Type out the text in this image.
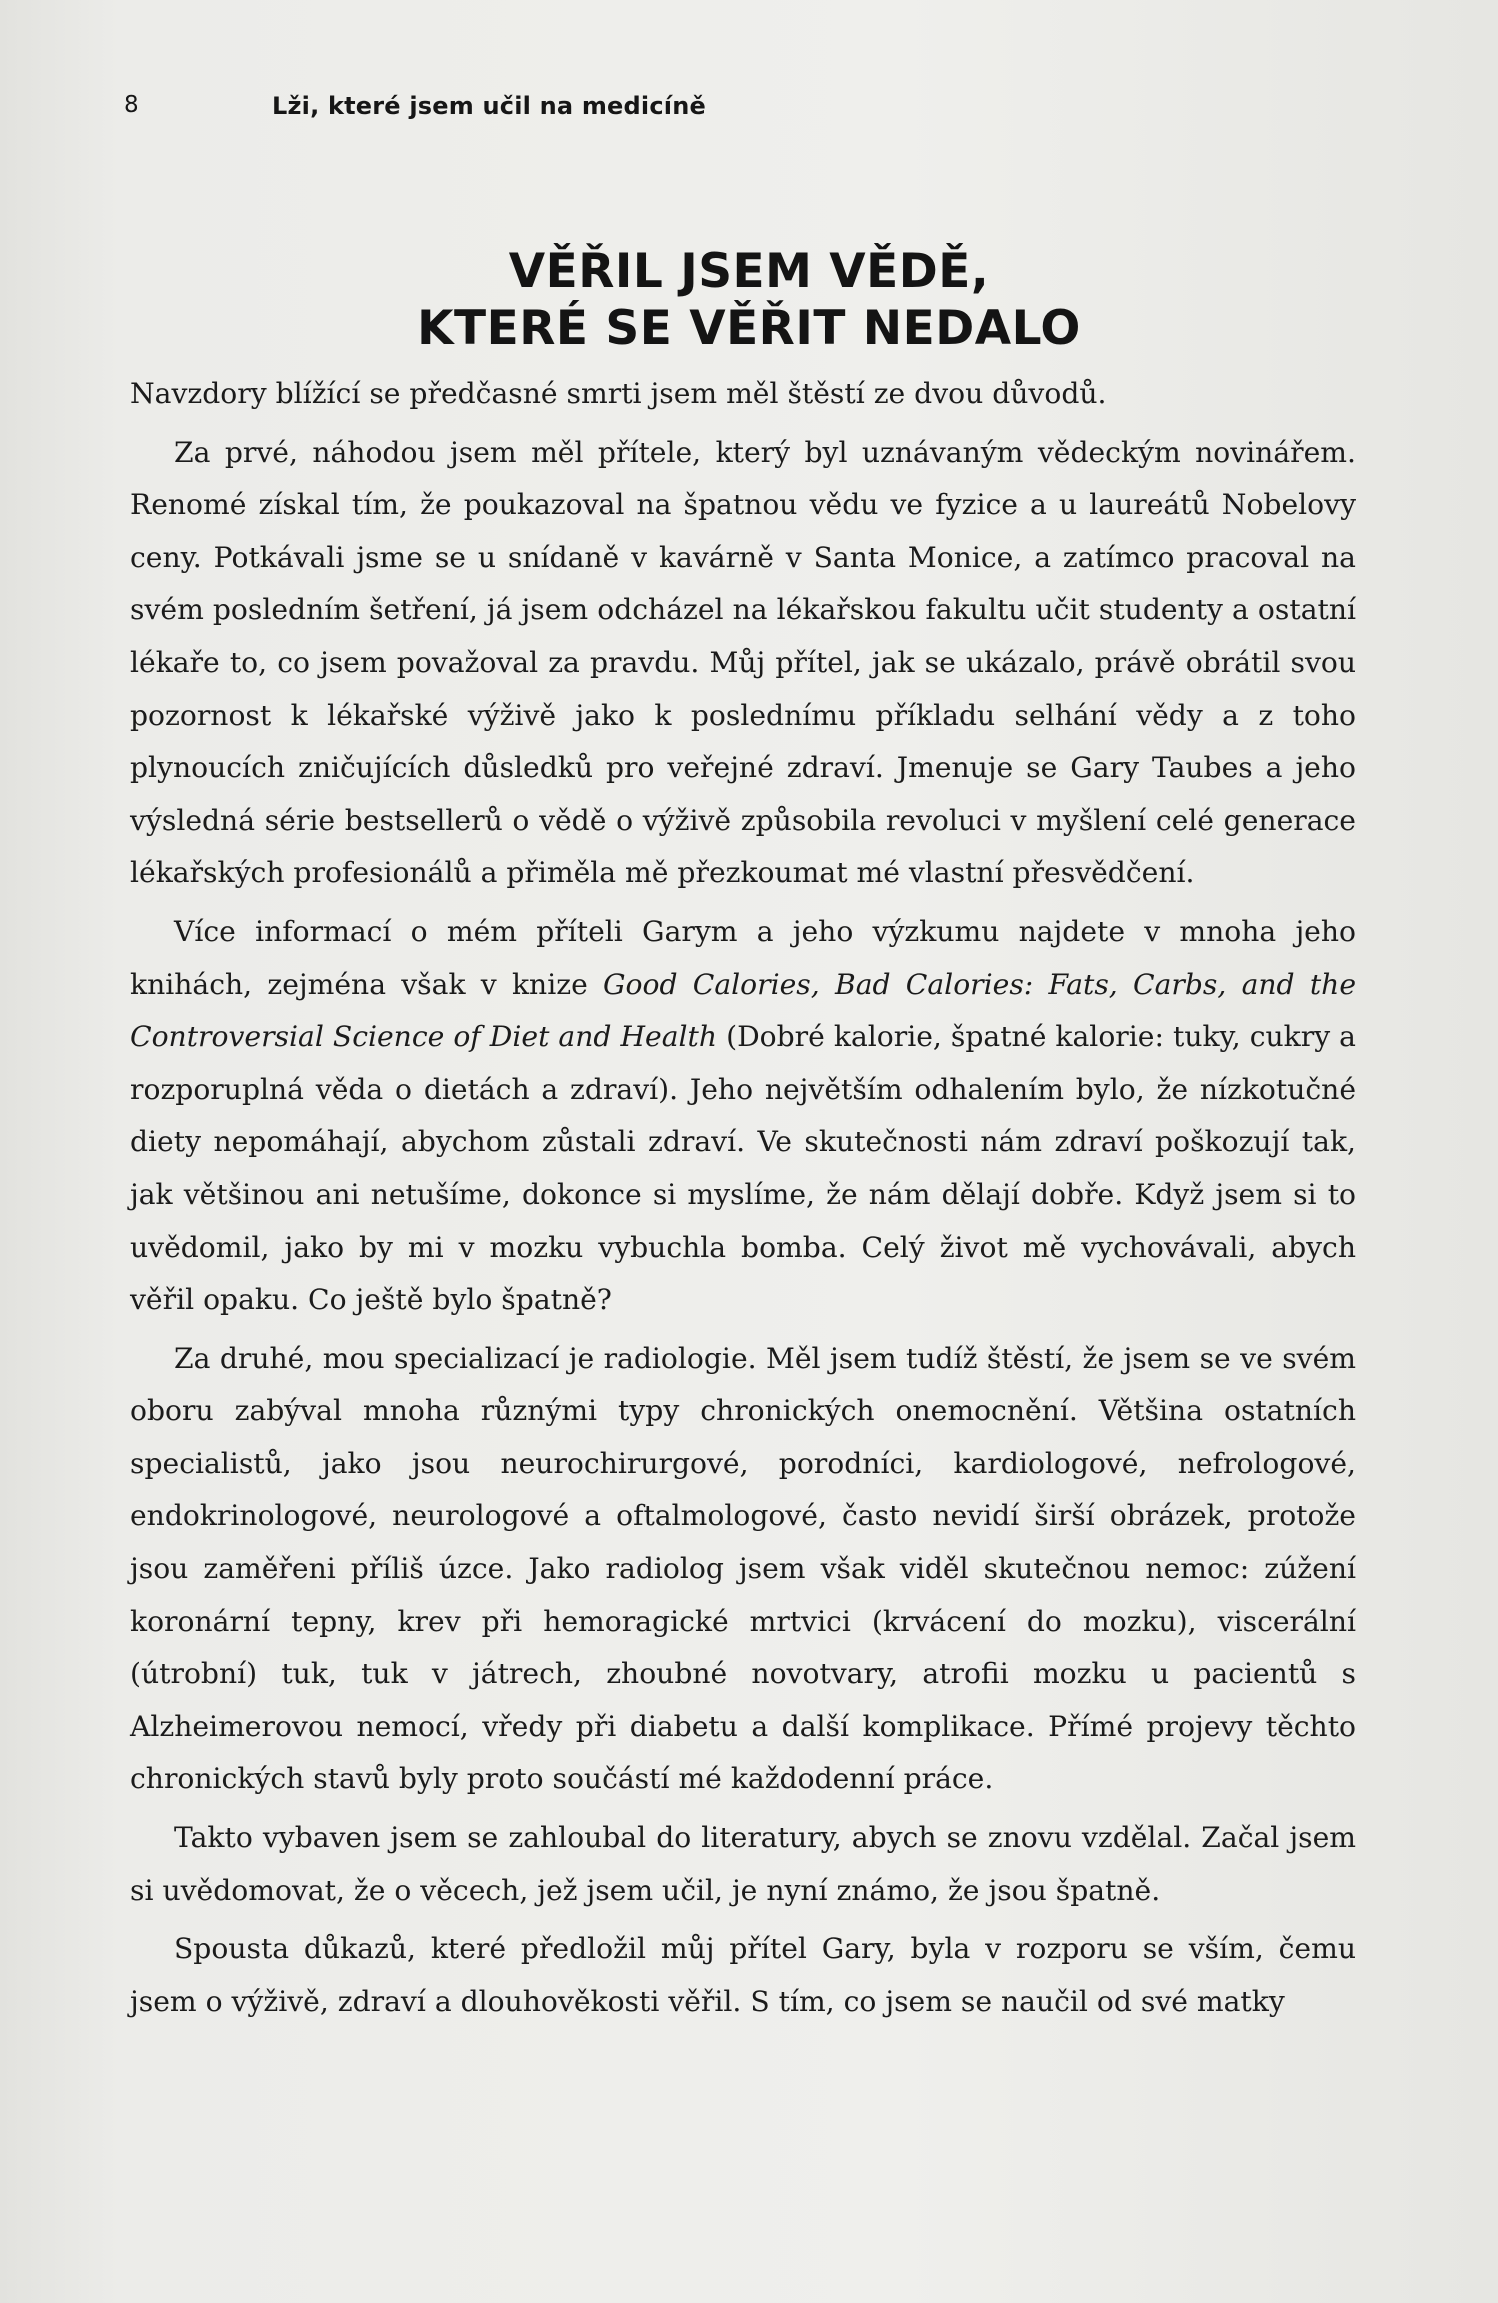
8	Lži, které jsem učil na medicíně
VĚŘIL JSEM VĚDĚ,
KTERÉ SE VĚŘIT NEDALO

Navzdory blížící se předčasné smrti jsem měl štěstí ze dvou důvodů.

Za prvé, náhodou jsem měl přítele, který byl uznávaným vědeckým novinářem. Renomé získal tím, že poukazoval na špatnou vědu ve fyzice a u laureátů Nobelovy ceny. Potkávali jsme se u snídaně v kavárně v Santa Monice, a zatímco pracoval na svém posledním šetření, já jsem odcházel na lékařskou fakultu učit studenty a ostatní lékaře to, co jsem považoval za pravdu. Můj přítel, jak se ukázalo, právě obrátil svou pozornost k lékařské výživě jako k poslednímu příkladu selhání vědy a z toho plynoucích zničujících důsledků pro veřejné zdraví. Jmenuje se Gary Taubes a jeho výsledná série bestsellerů o vědě o výživě způsobila revoluci v myšlení celé generace lékařských profesionálů a přiměla mě přezkoumat mé vlastní přesvědčení.

Více informací o mém příteli Garym a jeho výzkumu najdete v mnoha jeho knihách, zejména však v knize Good Calories, Bad Calories: Fats, Carbs, and the Controversial Science of Diet and Health (Dobré kalorie, špatné kalorie: tuky, cukry a rozporuplná věda o dietách a zdraví). Jeho největším odhalením bylo, že nízkotučné diety nepomáhají, abychom zůstali zdraví. Ve skutečnosti nám zdraví poškozují tak, jak většinou ani netušíme, dokonce si myslíme, že nám dělají dobře. Když jsem si to uvědomil, jako by mi v mozku vybuchla bomba. Celý život mě vychovávali, abych věřil opaku. Co ještě bylo špatně?

Za druhé, mou specializací je radiologie. Měl jsem tudíž štěstí, že jsem se ve svém oboru zabýval mnoha různými typy chronických onemocnění. Většina ostatních specialistů, jako jsou neurochirurgové, porodníci, kardiologové, nefrologové, endokrinologové, neurologové a oftalmologové, často nevidí širší obrázek, protože jsou zaměřeni příliš úzce. Jako radiolog jsem však viděl skutečnou nemoc: zúžení koronární tepny, krev při hemoragické mrtvici (krvácení do mozku), viscerální (útrobní) tuk, tuk v játrech, zhoubné novotvary, atrofii mozku u pacientů s Alzheimerovou nemocí, vředy při diabetu a další komplikace. Přímé projevy těchto chronických stavů byly proto součástí mé každodenní práce.

Takto vybaven jsem se zahloubal do literatury, abych se znovu vzdělal. Začal jsem si uvědomovat, že o věcech, jež jsem učil, je nyní známo, že jsou špatně.

Spousta důkazů, které předložil můj přítel Gary, byla v rozporu se vším, čemu jsem o výživě, zdraví a dlouhověkosti věřil. S tím, co jsem se naučil od své matky
